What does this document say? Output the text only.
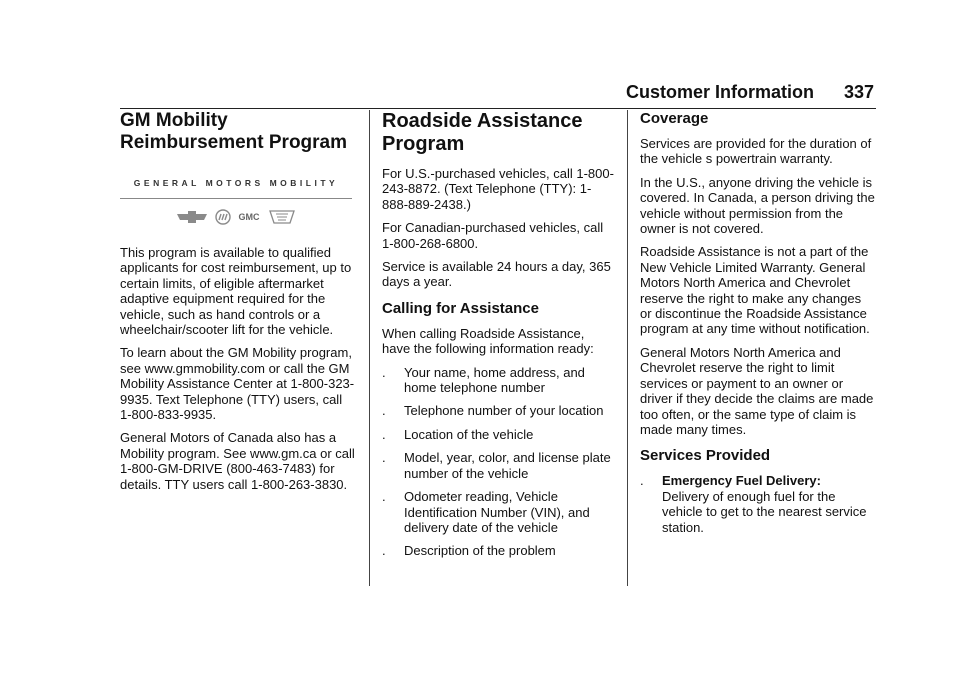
Customer Information 337
GM Mobility Reimbursement Program
GENERAL MOTORS MOBILITY
GMC

This program is available to qualified applicants for cost reimbursement, up to certain limits, of eligible aftermarket adaptive equipment required for the vehicle, such as hand controls or a wheelchair/scooter lift for the vehicle.

To learn about the GM Mobility program, see www.gmmobility.com or call the GM Mobility Assistance Center at 1-800-323-9935. Text Telephone (TTY) users, call 1-800-833-9935.

General Motors of Canada also has a Mobility program. See www.gm.ca or call 1-800-GM-DRIVE (800-463-7483) for details. TTY users call 1-800-263-3830.

Roadside Assistance Program

For U.S.-purchased vehicles, call 1-800-243-8872. (Text Telephone (TTY): 1-888-889-2438.)

For Canadian-purchased vehicles, call 1-800-268-6800.

Service is available 24 hours a day, 365 days a year.

Calling for Assistance

When calling Roadside Assistance, have the following information ready:

. Your name, home address, and home telephone number
. Telephone number of your location
. Location of the vehicle
. Model, year, color, and license plate number of the vehicle
. Odometer reading, Vehicle Identification Number (VIN), and delivery date of the vehicle
. Description of the problem
Coverage

Services are provided for the duration of the vehicle s powertrain warranty.

In the U.S., anyone driving the vehicle is covered. In Canada, a person driving the vehicle without permission from the owner is not covered.

Roadside Assistance is not a part of the New Vehicle Limited Warranty. General Motors North America and Chevrolet reserve the right to make any changes or discontinue the Roadside Assistance program at any time without notification.

General Motors North America and Chevrolet reserve the right to limit services or payment to an owner or driver if they decide the claims are made too often, or the same type of claim is made many times.

Services Provided
. Emergency Fuel Delivery:
Delivery of enough fuel for the vehicle to get to the nearest service station.
